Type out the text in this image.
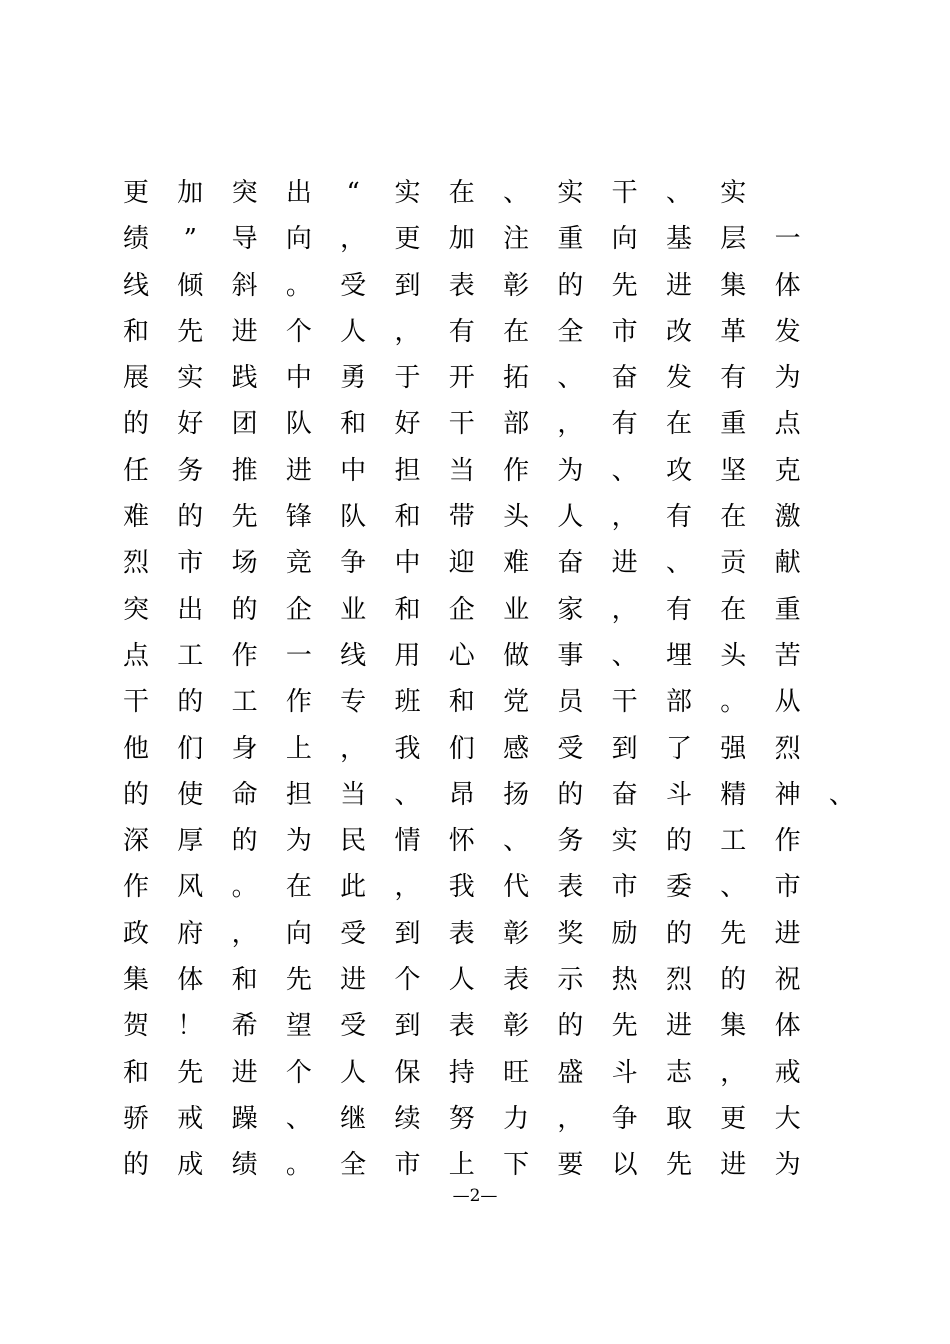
更 加 突 出 “ 实 在 、 实 干 、 实
绩 ” 导 向 ， 更 加 注 重 向 基 层 一
线 倾 斜 。 受 到 表 彰 的 先 进 集 体
和 先 进 个 人 ， 有 在 全 市 改 革 发
展 实 践 中 勇 于 开 拓 、 奋 发 有 为
的 好 团 队 和 好 干 部 ， 有 在 重 点
任 务 推 进 中 担 当 作 为 、 攻 坚 克
难 的 先 锋 队 和 带 头 人 ， 有 在 激
烈 市 场 竞 争 中 迎 难 奋 进 、 贡 献
突 出 的 企 业 和 企 业 家 ， 有 在 重
点 工 作 一 线 用 心 做 事 、 埋 头 苦
干 的 工 作 专 班 和 党 员 干 部 。 从
他 们 身 上 ， 我 们 感 受 到 了 强 烈
的 使 命 担 当 、 昂 扬 的 奋 斗 精 神 、
深 厚 的 为 民 情 怀 、 务 实 的 工 作
作 风 。 在 此 ， 我 代 表 市 委 、 市
政 府 ， 向 受 到 表 彰 奖 励 的 先 进
集 体 和 先 进 个 人 表 示 热 烈 的 祝
贺 ！ 希 望 受 到 表 彰 的 先 进 集 体
和 先 进 个 人 保 持 旺 盛 斗 志 ， 戒
骄 戒 躁 、 继 续 努 力 ， 争 取 更 大
的 成 绩 。 全 市 上 下 要 以 先 进 为
—2—
